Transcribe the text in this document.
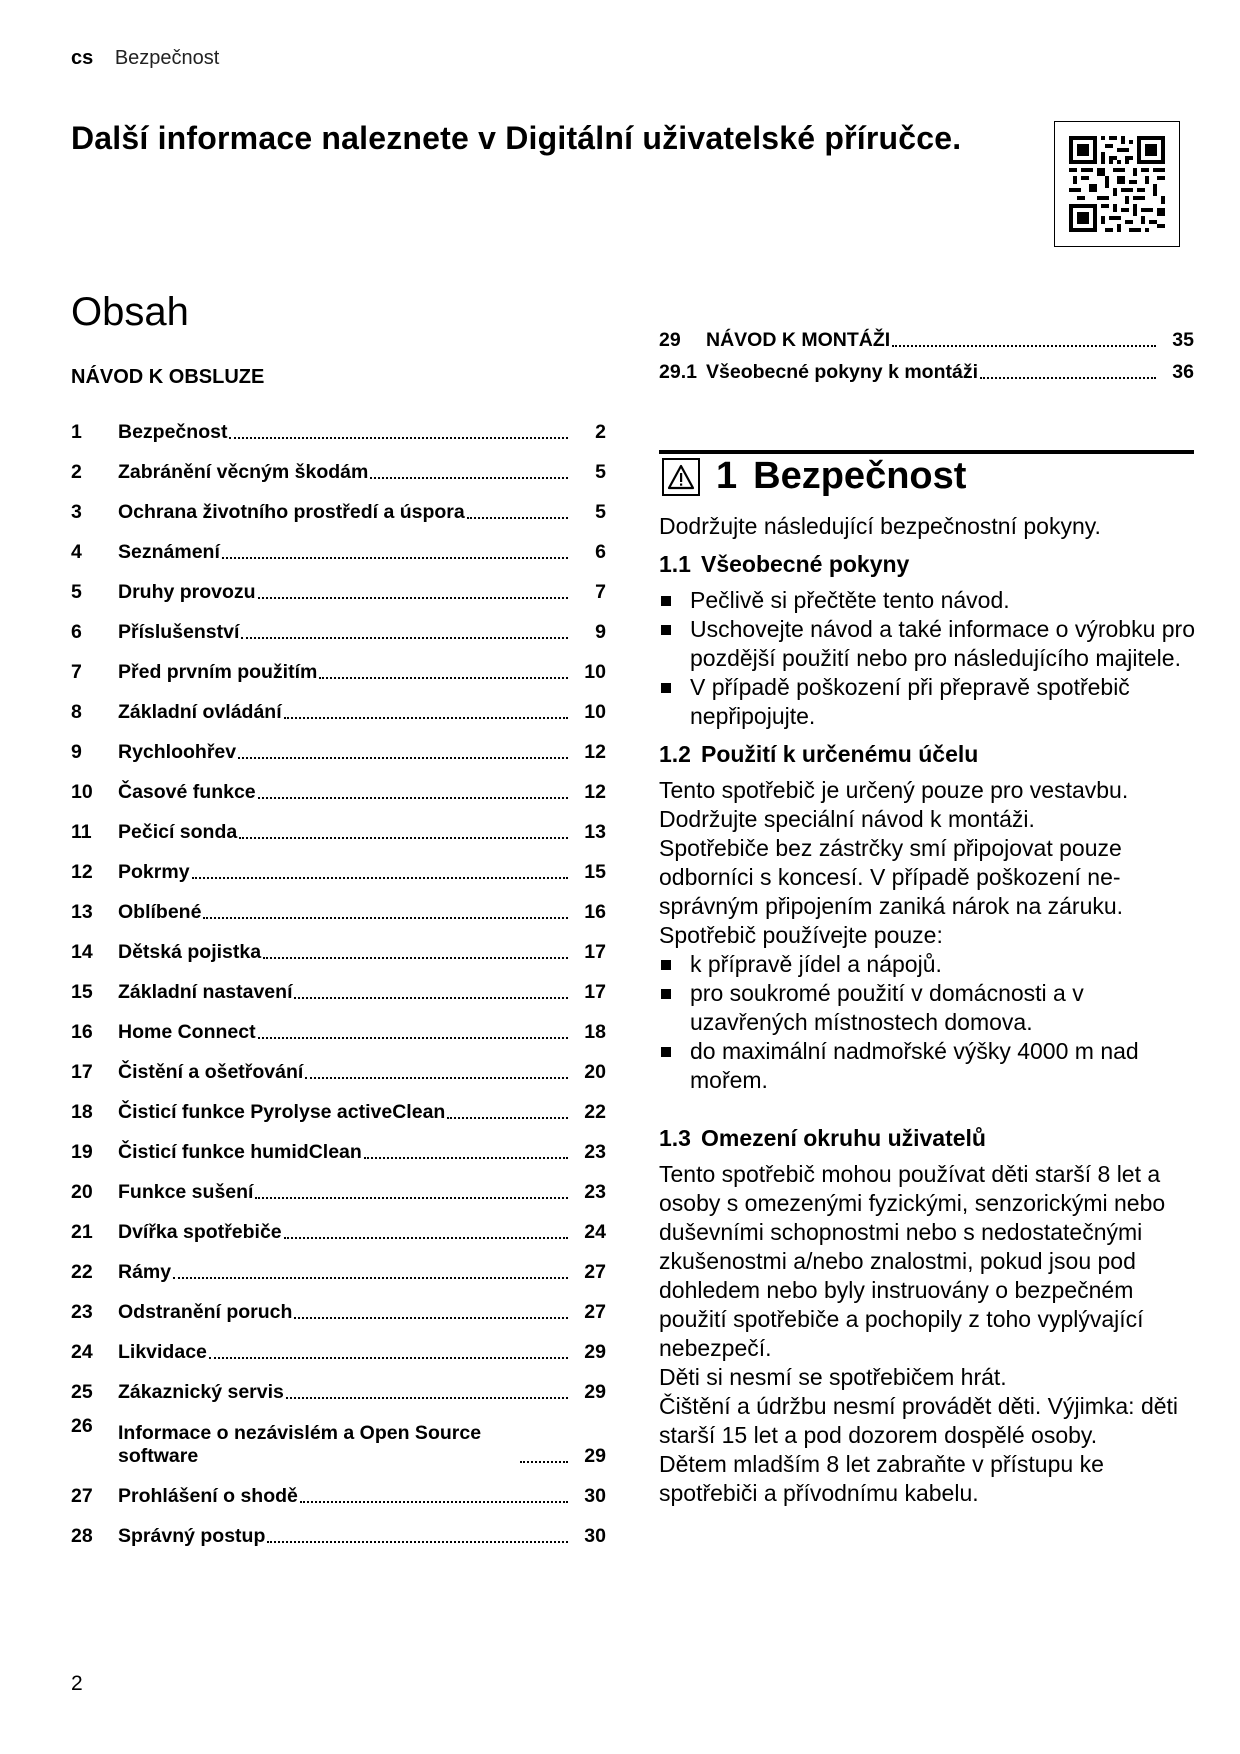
cs Bezpečnost
Další informace naleznete v Digitální uživatelské příručce.
Obsah
NÁVOD K OBSLUZE
1	Bezpečnost	2
2	Zabránění věcným škodám	5
3	Ochrana životního prostředí a úspora	5
4	Seznámení	6
5	Druhy provozu	7
6	Příslušenství	9
7	Před prvním použitím	10
8	Základní ovládání	10
9	Rychloohřev	12
10	Časové funkce	12
11	Pečicí sonda	13
12	Pokrmy	15
13	Oblíbené	16
14	Dětská pojistka	17
15	Základní nastavení	17
16	Home Connect	18
17	Čistění a ošetřování	20
18	Čisticí funkce Pyrolyse activeClean	22
19	Čisticí funkce humidClean	23
20	Funkce sušení	23
21	Dvířka spotřebiče	24
22	Rámy	27
23	Odstranění poruch	27
24	Likvidace	29
25	Zákaznický servis	29
26	Informace o nezávislém a Open Source software	29
27	Prohlášení o shodě	30
28	Správný postup	30
29	NÁVOD K MONTÁŽI	35
29.1 Všeobecné pokyny k montáži	36
1 Bezpečnost

Dodržujte následující bezpečnostní pokyny.

1.1 Všeobecné pokyny

Pečlivě si přečtěte tento návod.

Uschovejte návod a také informace o výrobku pro pozdější použití nebo pro následujícího majitele.

V případě poškození při přepravě spotřebič nepřipojujte.

1.2 Použití k určenému účelu

Tento spotřebič je určený pouze pro vestavbu. Dodržujte speciální návod k montáži.

Spotřebiče bez zástrčky smí připojovat pouze odborníci s koncesí. V případě poškození nesprávným připojením zaniká nárok na záruku.

Spotřebič používejte pouze:

k přípravě jídel a nápojů.

pro soukromé použití v domácnosti a v uzavřených místnostech domova.

do maximální nadmořské výšky 4000 m nad mořem.

1.3 Omezení okruhu uživatelů

Tento spotřebič mohou používat děti starší 8 let a osoby s omezenými fyzickými, senzorickými nebo duševními schopnostmi nebo s nedostatečnými zkušenostmi a/nebo znalostmi, pokud jsou pod dohledem nebo byly instruovány o bezpečném použití spotřebiče a pochopily z toho vyplývající nebezpečí.

Děti si nesmí se spotřebičem hrát.

Čištění a údržbu nesmí provádět děti. Výjimka: děti starší 15 let a pod dozorem dospělé osoby.

Dětem mladším 8 let zabraňte v přístupu ke spotřebiči a přívodnímu kabelu.

2
